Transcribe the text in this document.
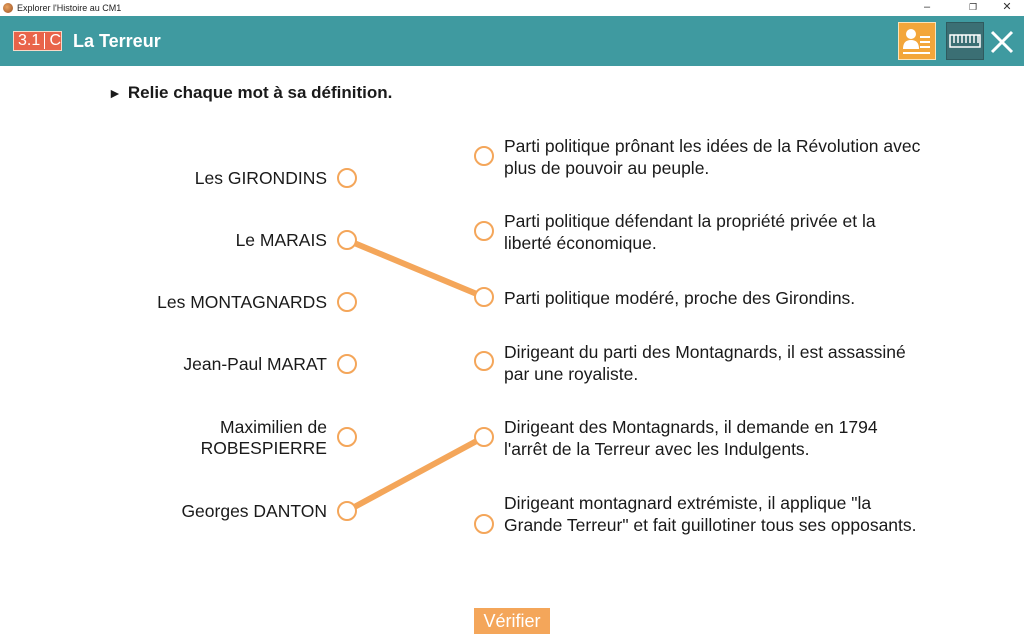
Explorer l'Histoire au CM1	–	❐	✕
3.1 C La Terreur
► Relie chaque mot à sa définition.
Les GIRONDINS
Le MARAIS
Les MONTAGNARDS
Jean-Paul MARAT
Maximilien de
ROBESPIERRE
Georges DANTON
Parti politique prônant les idées de la Révolution avec plus de pouvoir au peuple.
Parti politique défendant la propriété privée et la liberté économique.
Parti politique modéré, proche des Girondins.
Dirigeant du parti des Montagnards, il est assassiné par une royaliste.
Dirigeant des Montagnards, il demande en 1794 l'arrêt de la Terreur avec les Indulgents.
Dirigeant montagnard extrémiste, il applique "la Grande Terreur" et fait guillotiner tous ses opposants.
Vérifier
